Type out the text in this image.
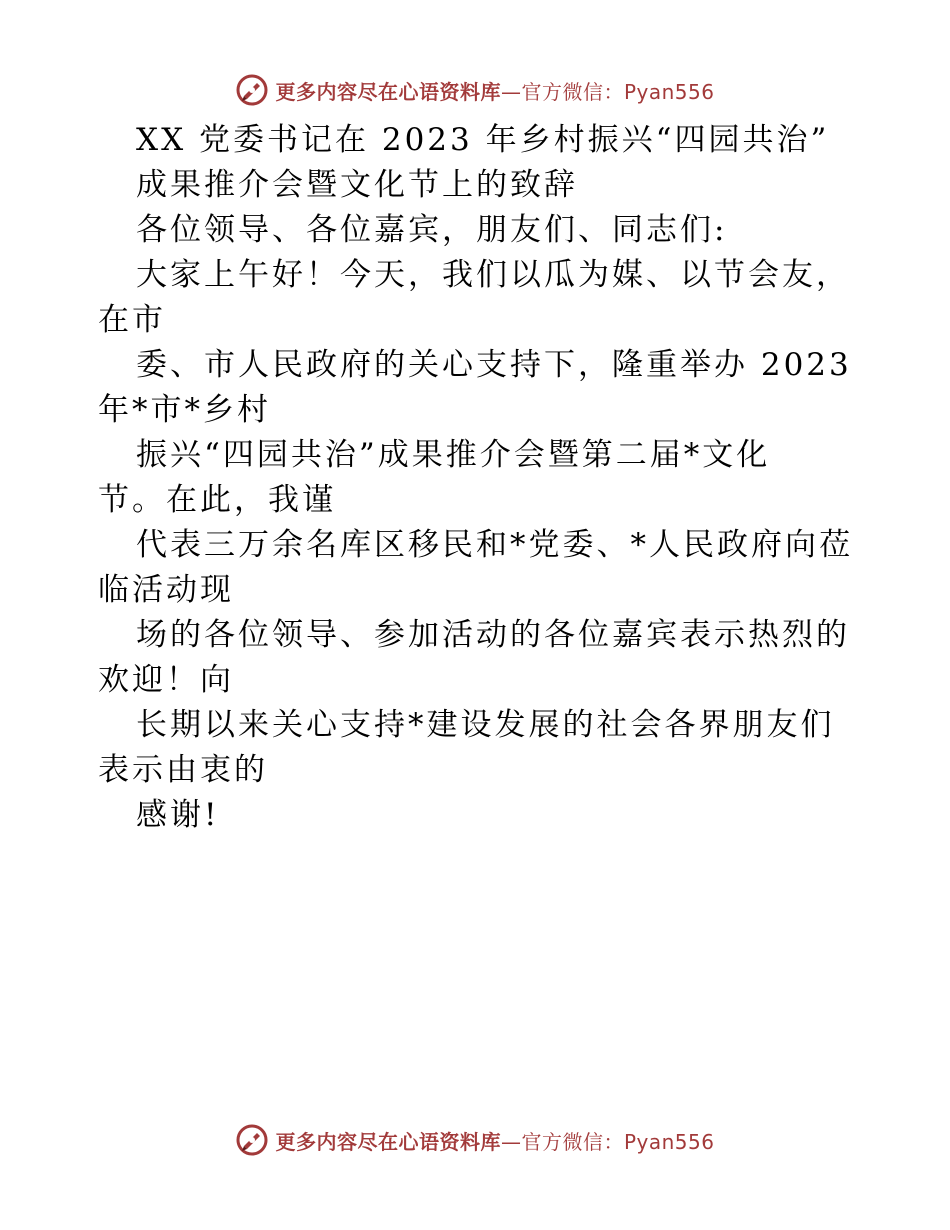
更多内容尽在心语资料库—官方微信：Pyan556
XX 党委书记在 2023 年乡村振兴“四园共治”
成果推介会暨文化节上的致辞
各位领导、各位嘉宾，朋友们、同志们:
大家上午好！今天，我们以瓜为媒、以节会友，
在市
委、市人民政府的关心支持下，隆重举办 2023
年*市*乡村
振兴“四园共治”成果推介会暨第二届*文化
节。在此，我谨
代表三万余名库区移民和*党委、*人民政府向莅
临活动现
场的各位领导、参加活动的各位嘉宾表示热烈的
欢迎！向
长期以来关心支持*建设发展的社会各界朋友们
表示由衷的
感谢!
更多内容尽在心语资料库—官方微信：Pyan556
